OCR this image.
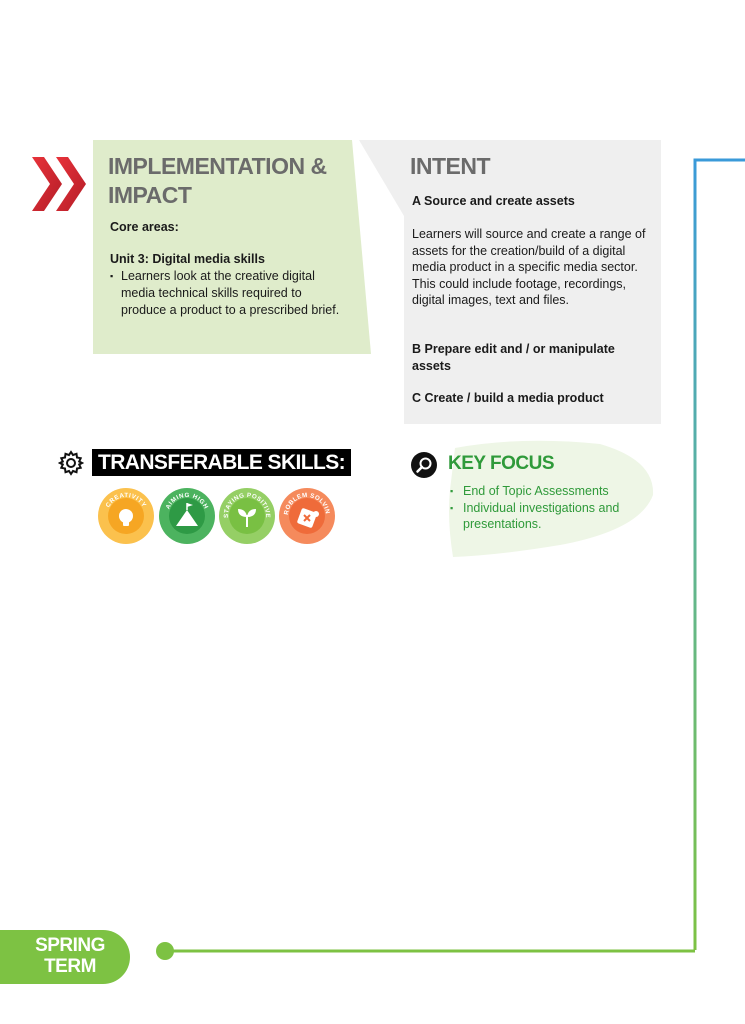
IMPLEMENTATION &
IMPACT
Core areas:
Unit 3: Digital media skills
▪ Learners look at the creative digital media technical skills required to produce a product to a prescribed brief.
INTENT
A Source and create assets
Learners will source and create a range of assets for the creation/build of a digital media product in a specific media sector. This could include footage, recordings, digital images, text and files.
B Prepare edit and / or manipulate assets
C Create / build a media product
TRANSFERABLE SKILLS:
CREATIVITY	AIMING HIGH
STAYING POSITIVE
ROBLEM SOLVIN
KEY FOCUS
▪ End of Topic Assessments
▪ Individual investigations and presentations.
SPRING
TERM
